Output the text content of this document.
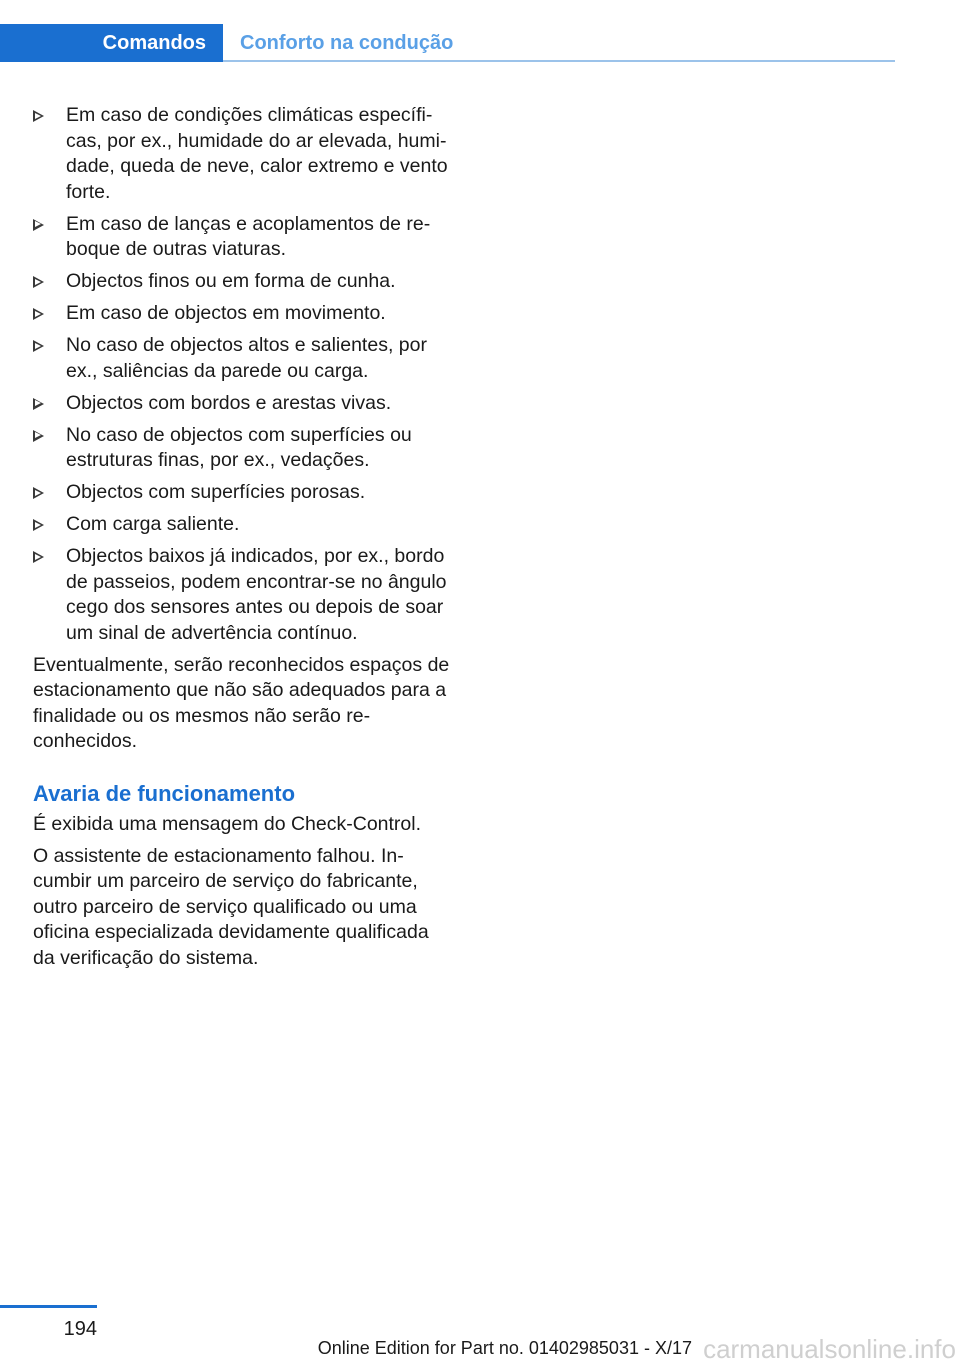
Comandos	Conforto na condução
Em caso de condições climáticas específicas, por ex., humidade do ar elevada, humidade, queda de neve, calor extremo e vento forte.
Em caso de lanças e acoplamentos de reboque de outras viaturas.
Objectos finos ou em forma de cunha.
Em caso de objectos em movimento.
No caso de objectos altos e salientes, por ex., saliências da parede ou carga.
Objectos com bordos e arestas vivas.
No caso de objectos com superfícies ou estruturas finas, por ex., vedações.
Objectos com superfícies porosas.
Com carga saliente.
Objectos baixos já indicados, por ex., bordo de passeios, podem encontrar-se no ângulo cego dos sensores antes ou depois de soar um sinal de advertência contínuo.

Eventualmente, serão reconhecidos espaços de estacionamento que não são adequados para a finalidade ou os mesmos não serão reconhecidos.

Avaria de funcionamento

É exibida uma mensagem do Check-Control.

O assistente de estacionamento falhou. Incumbir um parceiro de serviço do fabricante, outro parceiro de serviço qualificado ou uma oficina especializada devidamente qualificada da verificação do sistema.

194
Online Edition for Part no. 01402985031 - X/17 carmanualsonline.info
